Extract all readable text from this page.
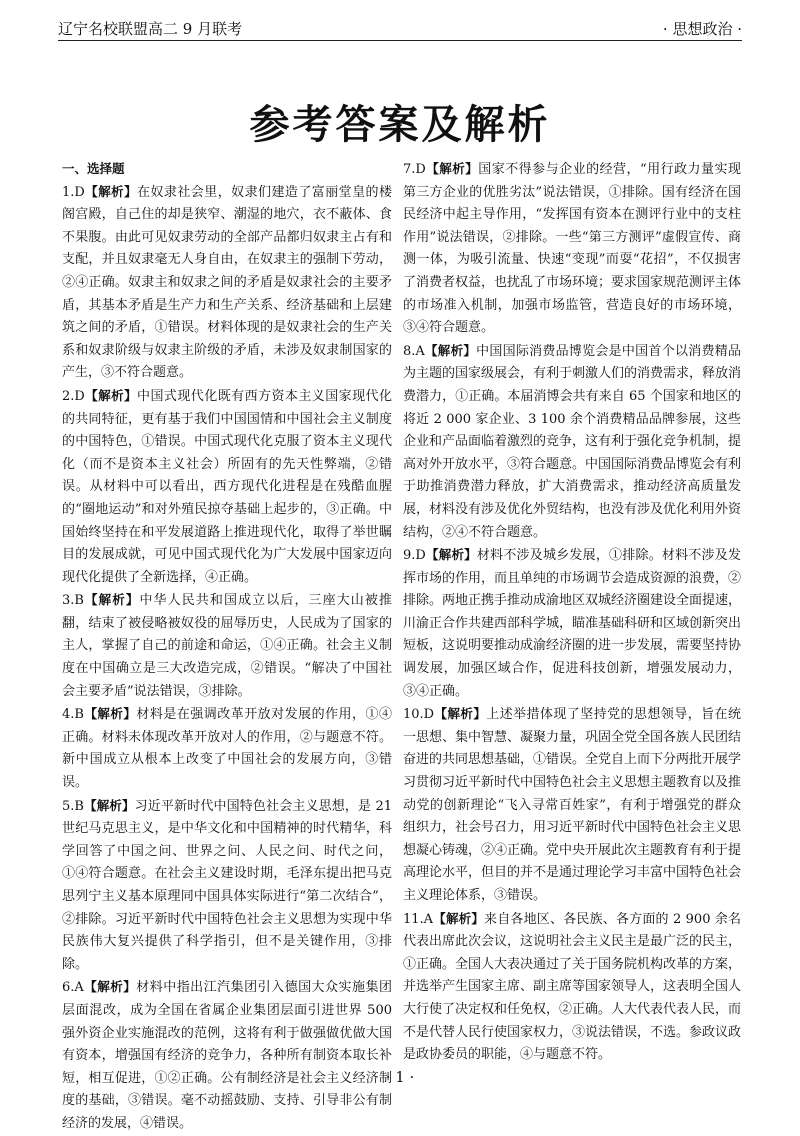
辽宁名校联盟高二 9 月联考	· 思想政治 ·
参考答案及解析
一、选择题

1.D【解析】在奴隶社会里，奴隶们建造了富丽堂皇的楼阁宫殿，自己住的却是狭窄、潮湿的地穴，衣不蔽体、食不果腹。由此可见奴隶劳动的全部产品都归奴隶主占有和支配，并且奴隶毫无人身自由，在奴隶主的强制下劳动，②④正确。奴隶主和奴隶之间的矛盾是奴隶社会的主要矛盾，其基本矛盾是生产力和生产关系、经济基础和上层建筑之间的矛盾，①错误。材料体现的是奴隶社会的生产关系和奴隶阶级与奴隶主阶级的矛盾，未涉及奴隶制国家的产生，③不符合题意。

2.D【解析】中国式现代化既有西方资本主义国家现代化的共同特征，更有基于我们中国国情和中国社会主义制度的中国特色，①错误。中国式现代化克服了资本主义现代化（而不是资本主义社会）所固有的先天性弊端，②错误。从材料中可以看出，西方现代化进程是在残酷血腥的“圈地运动”和对外殖民掠夺基础上起步的，③正确。中国始终坚持在和平发展道路上推进现代化，取得了举世瞩目的发展成就，可见中国式现代化为广大发展中国家迈向现代化提供了全新选择，④正确。

3.B【解析】中华人民共和国成立以后，三座大山被推翻，结束了被侵略被奴役的屈辱历史，人民成为了国家的主人，掌握了自己的前途和命运，①④正确。社会主义制度在中国确立是三大改造完成，②错误。“解决了中国社会主要矛盾”说法错误，③排除。

4.B【解析】材料是在强调改革开放对发展的作用，①④正确。材料未体现改革开放对人的作用，②与题意不符。新中国成立从根本上改变了中国社会的发展方向，③错误。

5.B【解析】习近平新时代中国特色社会主义思想，是 21 世纪马克思主义，是中华文化和中国精神的时代精华，科学回答了中国之问、世界之问、人民之问、时代之问，①④符合题意。在社会主义建设时期，毛泽东提出把马克思列宁主义基本原理同中国具体实际进行“第二次结合”，②排除。习近平新时代中国特色社会主义思想为实现中华民族伟大复兴提供了科学指引，但不是关键作用，③排除。

6.A【解析】材料中指出江汽集团引入德国大众实施集团层面混改，成为全国在省属企业集团层面引进世界 500 强外资企业实施混改的范例，这将有利于做强做优做大国有资本，增强国有经济的竞争力，各种所有制资本取长补短，相互促进，①②正确。公有制经济是社会主义经济制度的基础，③错误。毫不动摇鼓励、支持、引导非公有制经济的发展，④错误。

7.D【解析】国家不得参与企业的经营，“用行政力量实现第三方企业的优胜劣汰”说法错误，①排除。国有经济在国民经济中起主导作用，“发挥国有资本在测评行业中的支柱作用”说法错误，②排除。一些“第三方测评”虚假宣传、商测一体，为吸引流量、快速“变现”而耍“花招”，不仅损害了消费者权益，也扰乱了市场环境；要求国家规范测评主体的市场准入机制，加强市场监管，营造良好的市场环境，③④符合题意。

8.A【解析】中国国际消费品博览会是中国首个以消费精品为主题的国家级展会，有利于刺激人们的消费需求，释放消费潜力，①正确。本届消博会共有来自 65 个国家和地区的将近 2 000 家企业、3 100 余个消费精品品牌参展，这些企业和产品面临着激烈的竞争，这有利于强化竞争机制，提高对外开放水平，③符合题意。中国国际消费品博览会有利于助推消费潜力释放，扩大消费需求，推动经济高质量发展，材料没有涉及优化外贸结构，也没有涉及优化利用外资结构，②④不符合题意。

9.D【解析】材料不涉及城乡发展，①排除。材料不涉及发挥市场的作用，而且单纯的市场调节会造成资源的浪费，②排除。两地正携手推动成渝地区双城经济圈建设全面提速，川渝正合作共建西部科学城，瞄准基础科研和区域创新突出短板，这说明要推动成渝经济圈的进一步发展，需要坚持协调发展，加强区域合作，促进科技创新，增强发展动力，③④正确。

10.D【解析】上述举措体现了坚持党的思想领导，旨在统一思想、集中智慧、凝聚力量，巩固全党全国各族人民团结奋进的共同思想基础，①错误。全党自上而下分两批开展学习贯彻习近平新时代中国特色社会主义思想主题教育以及推动党的创新理论“飞入寻常百姓家”，有利于增强党的群众组织力，社会号召力，用习近平新时代中国特色社会主义思想凝心铸魂，②④正确。党中央开展此次主题教育有利于提高理论水平，但目的并不是通过理论学习丰富中国特色社会主义理论体系，③错误。

11.A【解析】来自各地区、各民族、各方面的 2 900 余名代表出席此次会议，这说明社会主义民主是最广泛的民主，①正确。全国人大表决通过了关于国务院机构改革的方案，并选举产生国家主席、副主席等国家领导人，这表明全国人大行使了决定权和任免权，②正确。人大代表代表人民，而不是代替人民行使国家权力，③说法错误，不选。参政议政是政协委员的职能，④与题意不符。

· 1 ·
